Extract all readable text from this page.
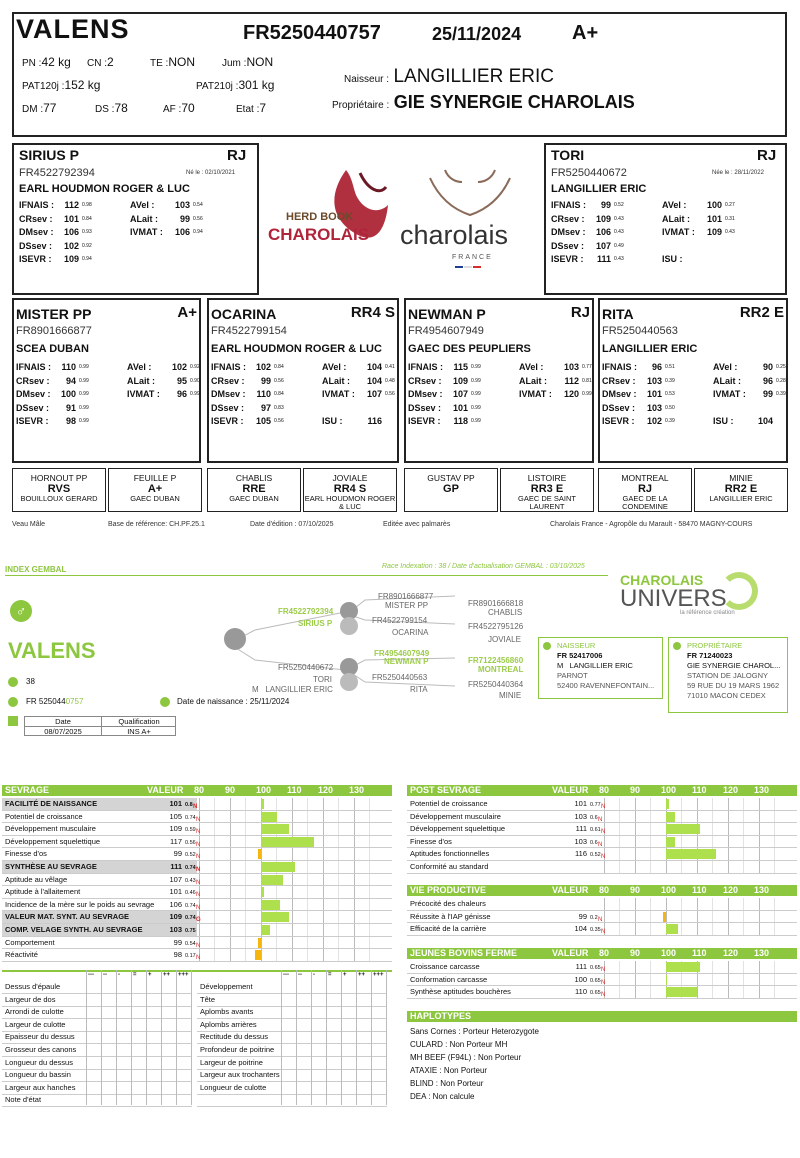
VALENS	FR5250440757	25/11/2024	A+
PN :42 kg CN :2	TE :NON	Jum :NON
PAT120j :152 kg	PAT210j :301 kg
DM :77	DS :78	AF :70	Etat :7
Naisseur : LANGILLIER ERIC
Propriétaire : GIE SYNERGIE CHAROLAIS
SIRIUS P	RJ
FR4522792394	Né le : 02/10/2021
EARL HOUDMON ROGER & LUC
IFNAIS :	112 0.98	AVel :	103 0.54
CRsev :	101 0.84	ALait :	99 0.56
DMsev :	106 0.93	IVMAT :	106 0.94
DSsev :	102 0.92
ISEVR :	109 0.94
TORI	RJ
FR5250440672	Née le : 28/11/2022
LANGILLIER ERIC
IFNAIS :	99 0.52	AVel :	100 0.27
CRsev :	109 0.43	ALait :	101 0.31
DMsev :	106 0.43	IVMAT :	109 0.43
DSsev :	107 0.49
ISEVR :	111 0.43	ISU :
HERD BOOK
CHAROLAIS charolais
FRANCE
MISTER PP	A+
FR8901666877
SCEA DUBAN
IFNAIS :	110 0.99	AVel :	102 0.92
CRsev :	94 0.99	ALait :	95 0.90
DMsev :	100 0.99	IVMAT :	96 0.99
DSsev :	91 0.99
ISEVR :	98 0.99
OCARINA	RR4 S
FR4522799154
EARL HOUDMON ROGER & LUC
IFNAIS :	102 0.84	AVel :	104 0.41
CRsev :	99 0.56	ALait :	104 0.48
DMsev :	110 0.84	IVMAT :	107 0.56
DSsev :	97 0.83
ISEVR :	105 0.56	ISU :	116
NEWMAN P	RJ
FR4954607949
GAEC DES PEUPLIERS
IFNAIS :	115 0.99	AVel :	103 0.77
CRsev :	109 0.99	ALait :	112 0.81
DMsev :	107 0.99	IVMAT :	120 0.99
DSsev :	101 0.99
ISEVR :	118 0.99
RITA	RR2 E
FR5250440563
LANGILLIER ERIC
IFNAIS :	96 0.51	AVel :	90 0.25
CRsev :	103 0.39	ALait :	96 0.28
DMsev :	101 0.53	IVMAT :	99 0.39
DSsev :	103 0.50
ISEVR :	102 0.39	ISU :	104
HORNOUT PP
RVS
BOUILLOUX GERARD
FEUILLE P
A+
GAEC DUBAN
CHABLIS
RRE
GAEC DUBAN
JOVIALE
RR4 S
EARL HOUDMON ROGER & LUC
GUSTAV PP
GP
LISTOIRE
RR3 E
GAEC DE SAINT LAURENT
MONTREAL
RJ
GAEC DE LA CONDEMINE
MINIE
RR2 E
LANGILLIER ERIC
Veau Mâle	Base de référence: CH.PF.25.1	Date d'édition : 07/10/2025	Editée avec palmarès	Charolais France - Agropôle du Marault - 58470 MAGNY-COURS
INDEX GEMBAL	Race Indexation : 38 / Date d'actualisation GEMBAL : 03/10/2025
CHAROLAIS
UNIVERS
la référence création
♂
VALENS
38
FR 5250440757	Date de naissance : 25/11/2024
Date	Qualification
08/07/2025	INS A+
FR4522792394
SIRIUS P
FR8901666877
MISTER PP	FR8901666818
CHABLIS
FR4522799154
OCARINA
FR4522795126
JOVIALE
FR5250440672
TORI
M LANGILLIER ERIC
FR4954607949
NEWMAN P	FR7122456860
MONTREAL
FR5250440563
RITA
FR5250440364
MINIE
NAISSEUR
FR 52417006
M LANGILLIER ERIC
PARNOT
52400 RAVENNEFONTAIN...
PROPRIÉTAIRE
FR 71240023
GIE SYNERGIE CHAROL...
STATION DE JALOGNY
59 RUE DU 19 MARS 1962
71010 MACON CEDEX
SEVRAGE	VALEUR 80 90 100 110 120 130
FACILITÉ DE NAISSANCE	101 0.8 N
Potentiel de croissance	105 0.74 N
Développement musculaire	109 0.59 N
Développement squelettique	117 0.56 N
Finesse d'os	99 0.52 N
SYNTHÈSE AU SEVRAGE	111 0.74 N
Aptitude au vêlage	107 0.43 N
Aptitude à l'allaitement	101 0.46 N
Incidence de la mère sur le poids au sevrage	106 0.74 N
VALEUR MAT. SYNT. AU SEVRAGE	109 0.74 G
COMP. VELAGE SYNTH. AU SEVRAGE	103 0.75
Comportement	99 0.54 N
Réactivité	98 0.17 N
POST SEVRAGE	VALEUR 80 90 100 110 120 130
Potentiel de croissance	101 0.77 N
Développement musculaire	103 0.6 N
Développement squelettique	111 0.61 N
Finesse d'os	103 0.6 N
Aptitudes fonctionnelles	116 0.52 N
Conformité au standard
VIE PRODUCTIVE	VALEUR 80 90 100 110 120 130
Précocité des chaleurs
Réussite à l'IAP génisse	99 0.2 N
Efficacité de la carrière	104 0.35 N
JEUNES BOVINS FERME	VALEUR 80 90 100 110 120 130
Croissance carcasse	111 0.65 N
Conformation carcasse	100 0.65 N
Synthèse aptitudes bouchères	110 0.65 N
--- -- - = + ++ +++
Dessus d'épaule
Largeur de dos
Arrondi de culotte
Largeur de culotte
Epaisseur du dessus
Grosseur des canons
Longueur du dessus
Longueur du bassin
Largeur aux hanches
Note d'état
--- -- - = + ++ +++
Développement
Tête
Aplombs avants
Aplombs arrières
Rectitude du dessus
Profondeur de poitrine
Largeur de poitrine
Largeur aux trochanters
Longueur de culotte
HAPLOTYPES
Sans Cornes : Porteur Heterozygote
CULARD : Non Porteur MH
MH BEEF (F94L) : Non Porteur
ATAXIE : Non Porteur
BLIND : Non Porteur
DEA : Non calcule
